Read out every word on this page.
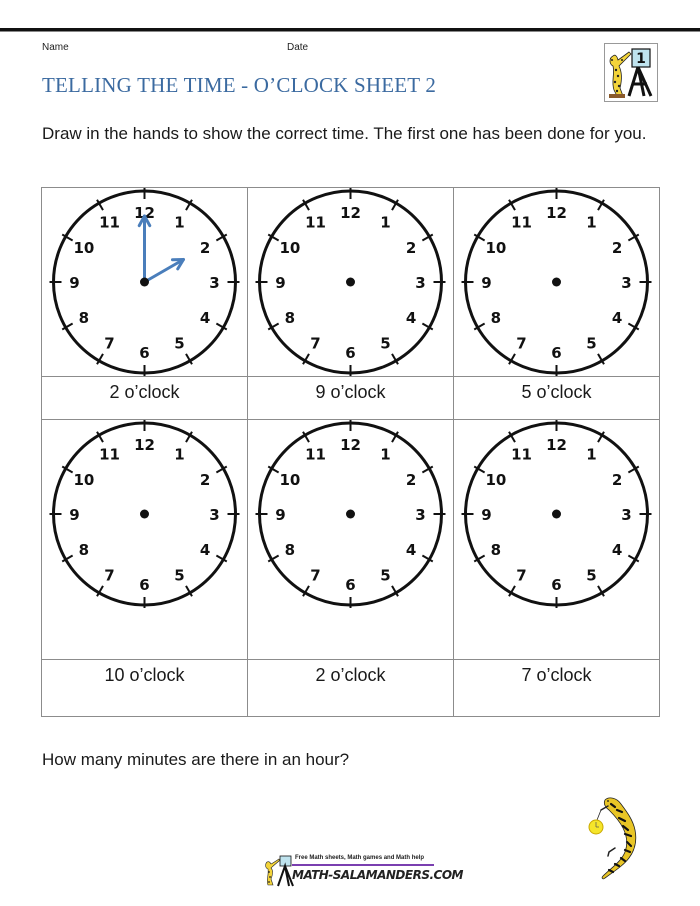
Name	Date
TELLING THE TIME - O’CLOCK SHEET 2
1
Draw in the hands to show the correct time. The first one has been done for you.
12
1
2
3
4
5
6
7
8
9
10
11

12
1
2
3
4
5
6
7
8
9
10
11

12
1
2
3
4
5
6
7
8
9
10
11

2 o’clock	9 o’clock	5 o’clock

12
1
2
3
4
5
6
7
8
9
10
11

12
1
2
3
4
5
6
7
8
9
10
11

12
1
2
3
4
5
6
7
8
9
10
11

10 o’clock	2 o’clock	7 o’clock
How many minutes are there in an hour?
Free Math sheets, Math games and Math help
MATH-SALAMANDERS.COM
